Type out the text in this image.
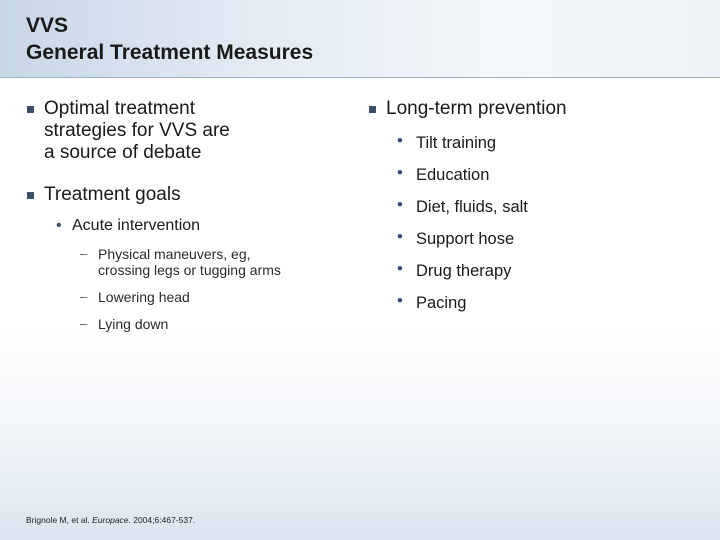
VVS
General Treatment Measures
Optimal treatment
strategies for VVS are
a source of debate
Treatment goals
• Acute intervention
– Physical maneuvers, eg,
crossing legs or tugging arms
– Lowering head
– Lying down
Long-term prevention
• Tilt training
• Education
• Diet, fluids, salt
• Support hose
• Drug therapy
• Pacing
Brignole M, et al. Europace. 2004;6:467-537.
